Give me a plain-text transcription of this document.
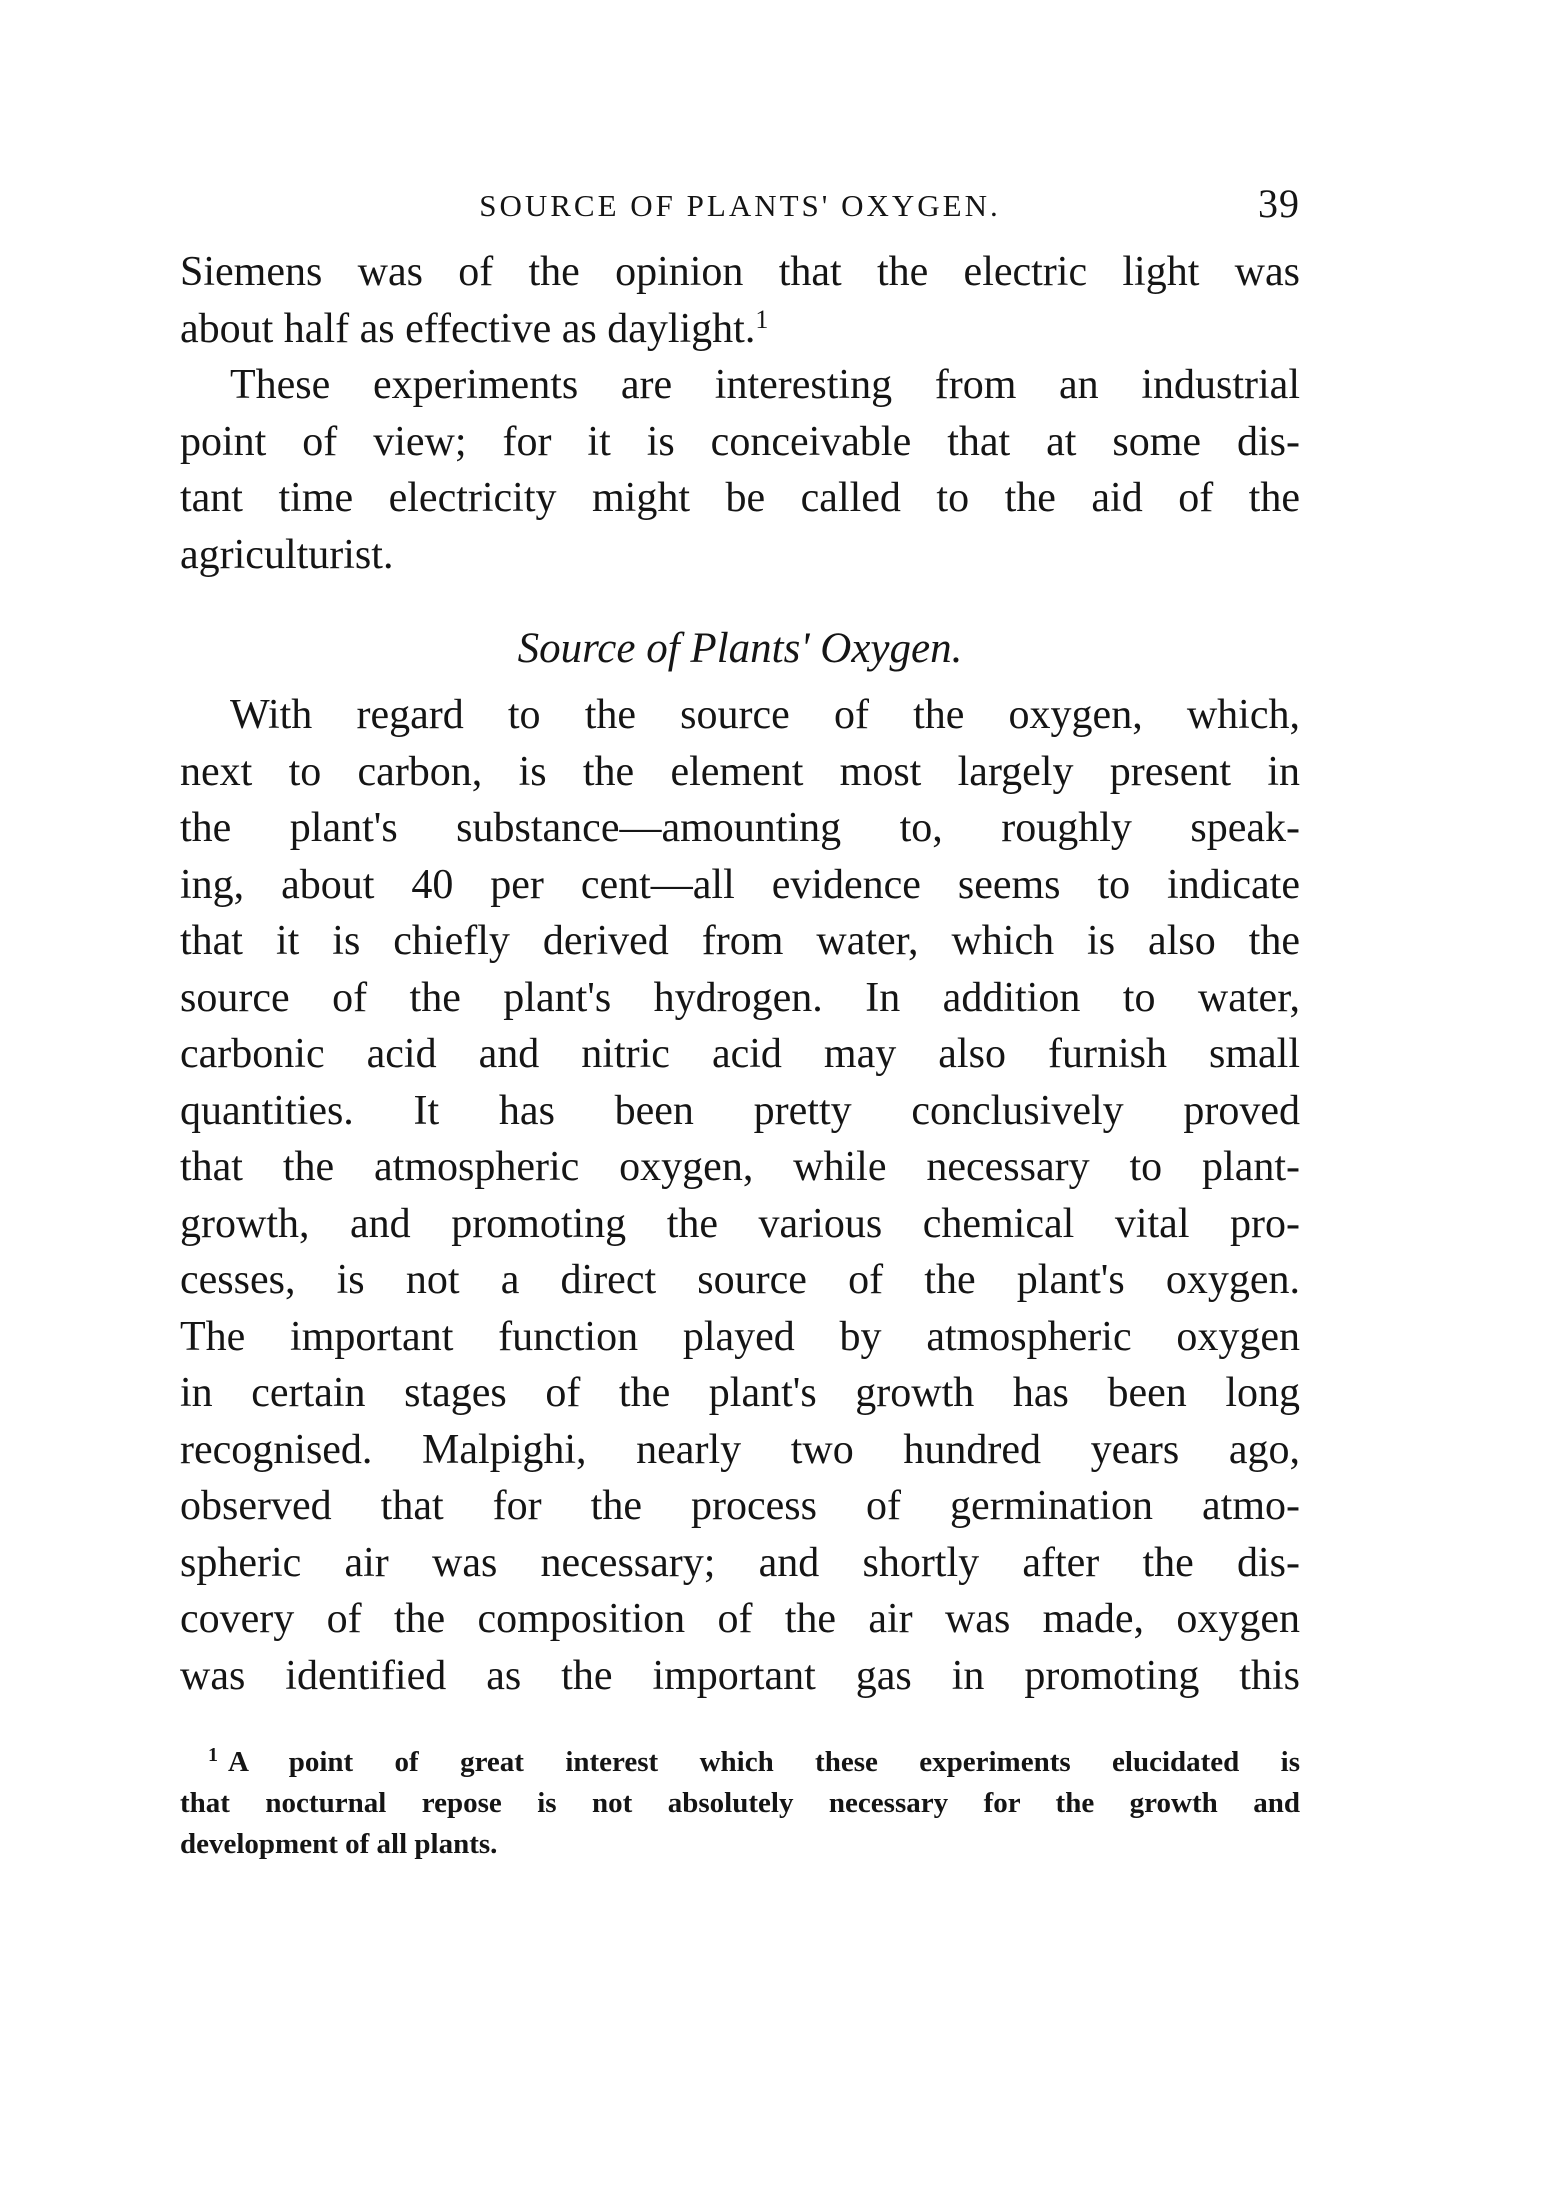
SOURCE OF PLANTS' OXYGEN.	39

Siemens was of the opinion that the electric light was
about half as effective as daylight.$^1$

These experiments are interesting from an industrial
point of view; for it is conceivable that at some dis-
tant time electricity might be called to the aid of the
agriculturist.

Source of Plants' Oxygen.

With regard to the source of the oxygen, which,
next to carbon, is the element most largely present in
the plant's substance—amounting to, roughly speak-
ing, about 40 per cent—all evidence seems to indicate
that it is chiefly derived from water, which is also the
source of the plant's hydrogen. In addition to water,
carbonic acid and nitric acid may also furnish small
quantities. It has been pretty conclusively proved
that the atmospheric oxygen, while necessary to plant-
growth, and promoting the various chemical vital pro-
cesses, is not a direct source of the plant's oxygen.
The important function played by atmospheric oxygen
in certain stages of the plant's growth has been long
recognised. Malpighi, nearly two hundred years ago,
observed that for the process of germination atmo-
spheric air was necessary; and shortly after the dis-
covery of the composition of the air was made, oxygen
was identified as the important gas in promoting this

$^1$ A point of great interest which these experiments elucidated is
that nocturnal repose is not absolutely necessary for the growth and
development of all plants.
